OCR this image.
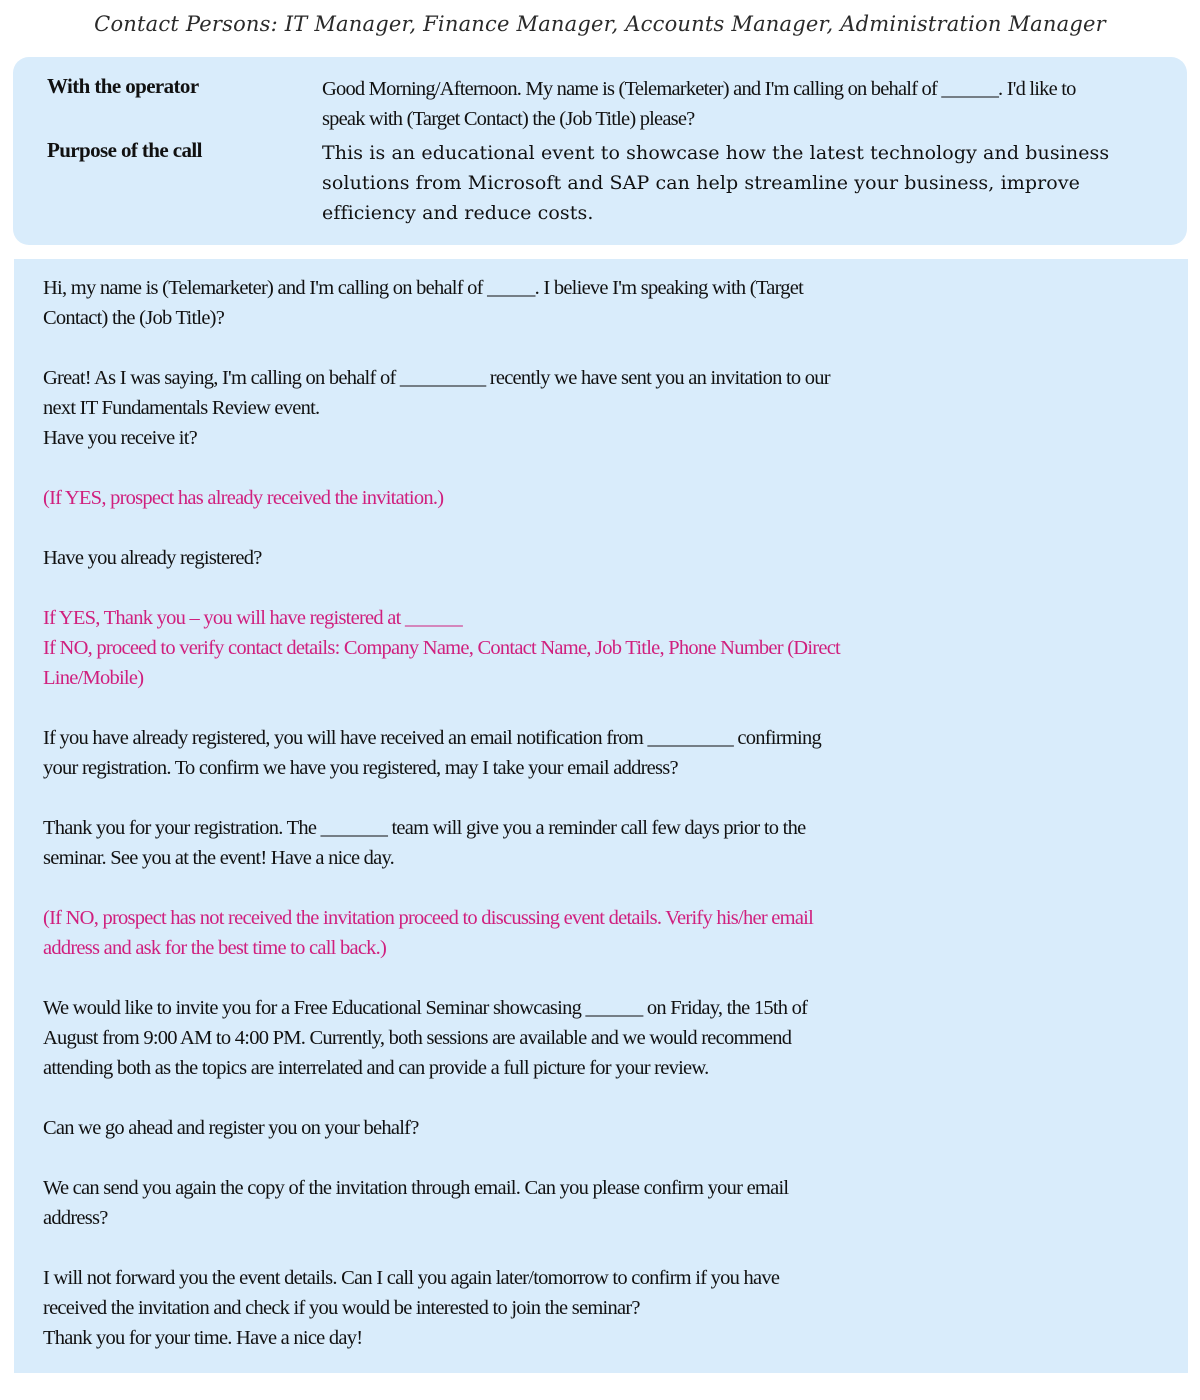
Contact Persons: IT Manager, Finance Manager, Accounts Manager, Administration Manager
With the operator	Good Morning/Afternoon. My name is (Telemarketer) and I'm calling on behalf of ______. I'd like to speak with (Target Contact) the (Job Title) please?
Purpose of the call	This is an educational event to showcase how the latest technology and business solutions from Microsoft and SAP can help streamline your business, improve efficiency and reduce costs.
Hi, my name is (Telemarketer) and I'm calling on behalf of _____. I believe I'm speaking with (Target
Contact) the (Job Title)?
Great! As I was saying, I'm calling on behalf of _________ recently we have sent you an invitation to our
next IT Fundamentals Review event.
Have you receive it?
(If YES, prospect has already received the invitation.)
Have you already registered?
If YES, Thank you – you will have registered at ______
If NO, proceed to verify contact details: Company Name, Contact Name, Job Title, Phone Number (Direct
Line/Mobile)
If you have already registered, you will have received an email notification from _________ confirming
your registration. To confirm we have you registered, may I take your email address?
Thank you for your registration. The _______ team will give you a reminder call few days prior to the
seminar. See you at the event! Have a nice day.
(If NO, prospect has not received the invitation proceed to discussing event details. Verify his/her email
address and ask for the best time to call back.)
We would like to invite you for a Free Educational Seminar showcasing ______ on Friday, the 15th of
August from 9:00 AM to 4:00 PM. Currently, both sessions are available and we would recommend
attending both as the topics are interrelated and can provide a full picture for your review.
Can we go ahead and register you on your behalf?
We can send you again the copy of the invitation through email. Can you please confirm your email
address?
I will not forward you the event details. Can I call you again later/tomorrow to confirm if you have
received the invitation and check if you would be interested to join the seminar?
Thank you for your time. Have a nice day!
